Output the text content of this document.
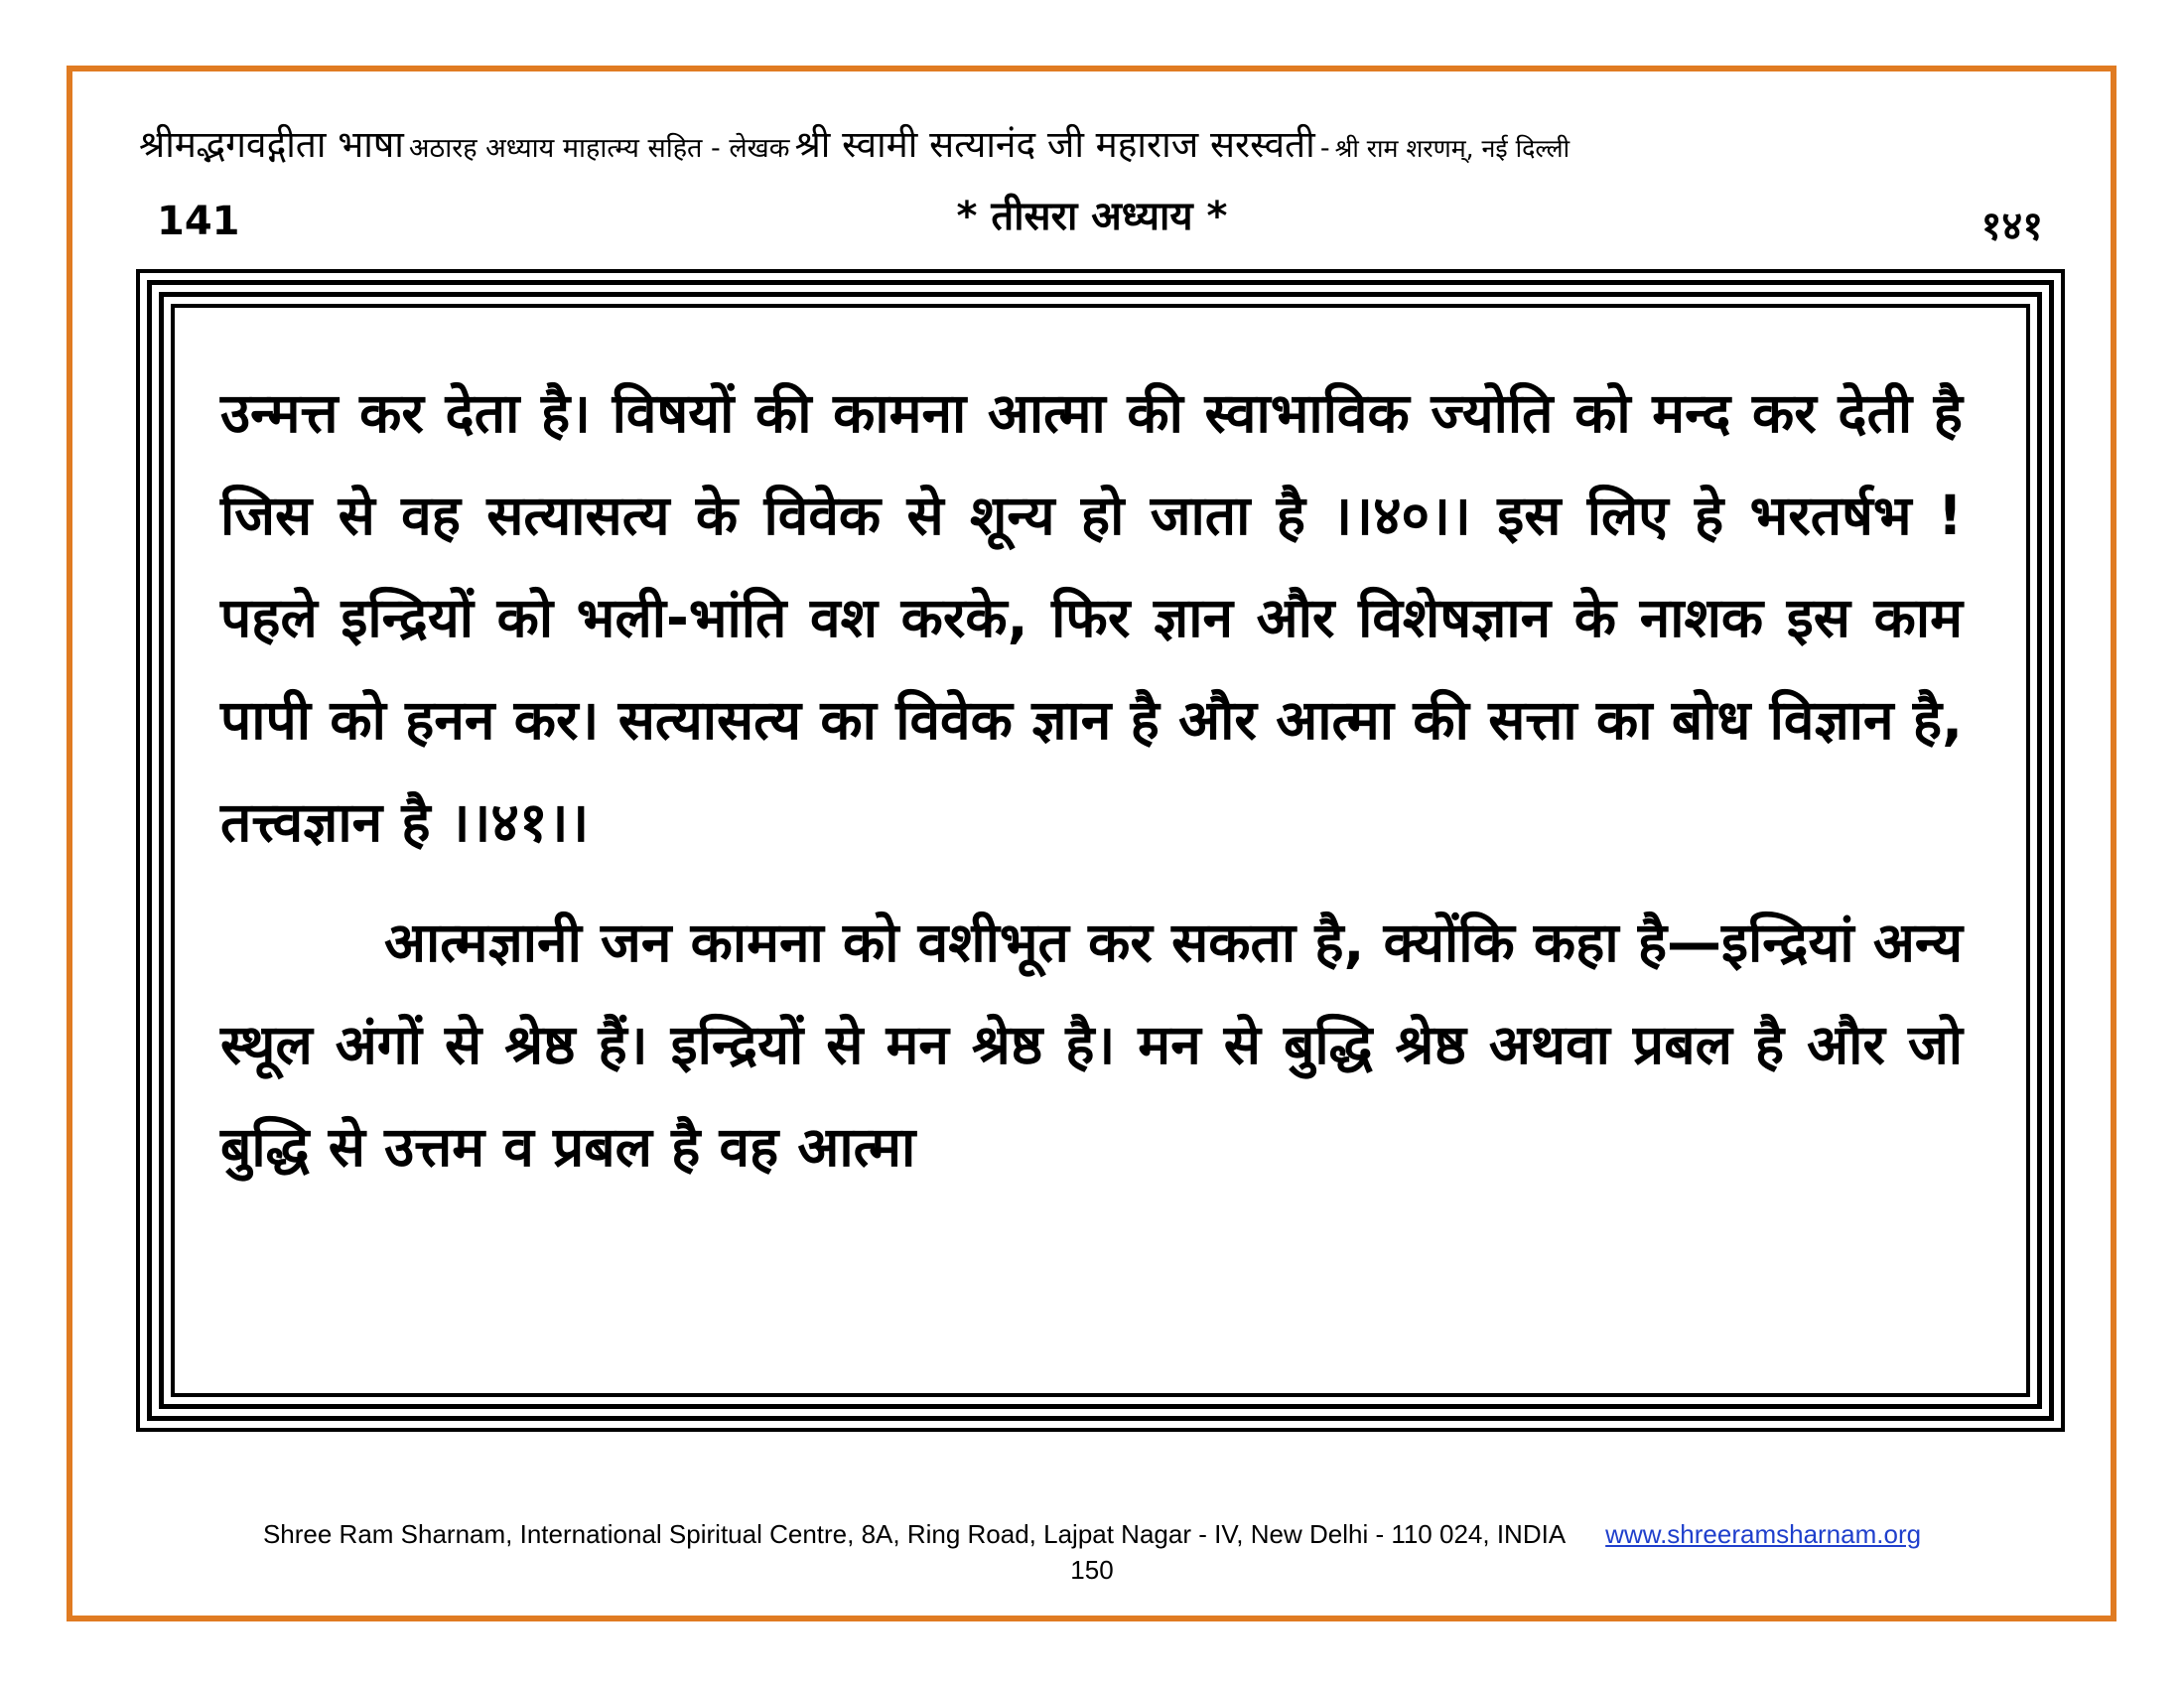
श्रीमद्भगवद्गीता भाषा अठारह अध्याय माहात्म्य सहित - लेखक श्री स्वामी सत्यानंद जी महाराज सरस्वती - श्री राम शरणम्, नई दिल्ली
141	* तीसरा अध्याय *	१४१

उन्मत्त कर देता है। विषयों की कामना आत्मा की स्वाभाविक ज्योति को मन्द कर देती है जिस से वह सत्यासत्य के विवेक से शून्य हो जाता है ।।४०।। इस लिए हे भरतर्षभ ! पहले इन्द्रियों को भली-भांति वश करके, फिर ज्ञान और विशेषज्ञान के नाशक इस काम पापी को हनन कर। सत्यासत्य का विवेक ज्ञान है और आत्मा की सत्ता का बोध विज्ञान है, तत्त्वज्ञान है ।।४१।।

आत्मज्ञानी जन कामना को वशीभूत कर सकता है, क्योंकि कहा है—इन्द्रियां अन्य स्थूल अंगों से श्रेष्ठ हैं। इन्द्रियों से मन श्रेष्ठ है। मन से बुद्धि श्रेष्ठ अथवा प्रबल है और जो बुद्धि से उत्तम व प्रबल है वह आत्मा

Shree Ram Sharnam, International Spiritual Centre, 8A, Ring Road, Lajpat Nagar - IV, New Delhi - 110 024, INDIA www.shreeramsharnam.org
150
